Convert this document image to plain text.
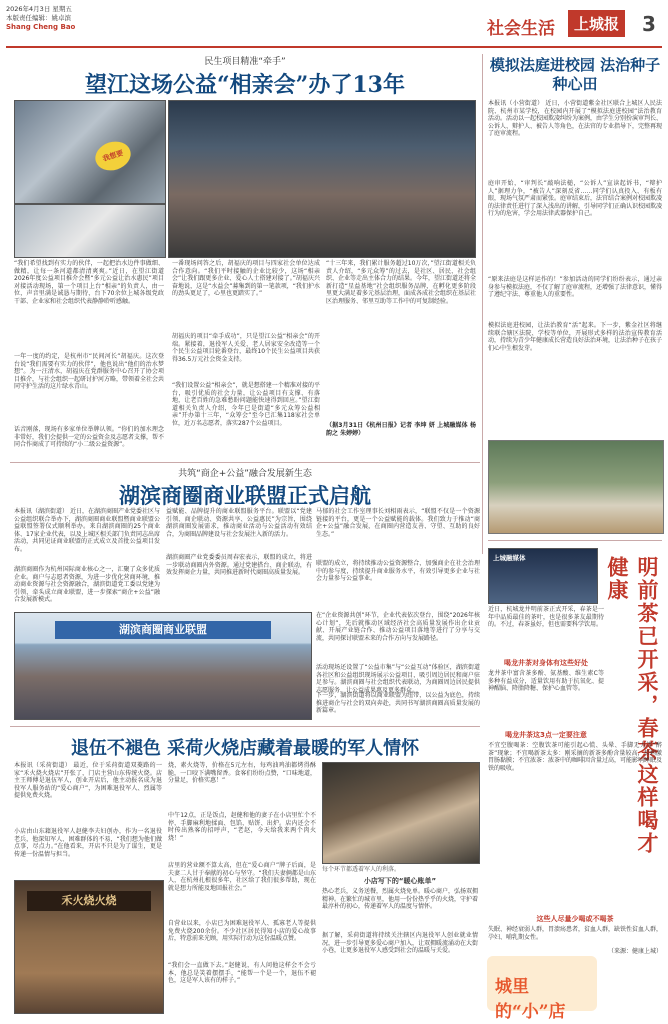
2026年4月3日 星期五
本版责任编辑：姚卓滨
Shang Cheng Bao	社会生活	上城报	3
民生项目精准“牵手”
望江这场公益“相亲会”办了13年
我想要
“我们希望找到有实力的伙伴，一起把治水边件事做细、做精，让每一条河道都清清爽爽。”近日，在望江街道2026年度公益项目推介会暨“多元公益让治水惠民”项目对接活动现场，第一个项目上台“相亲”的负责人，由一位，声音里满是诚恳与期待，台下70余位上城各级党政干部、企业家和社会组织代表静静聆听感触。
一年一度的约定，是杭州市“民间河长”胡福庆。这次登台说“我们需要有实力的伙伴”，他也说出“他们的治水梦想”。为一汪清水，胡福庆在党群服务中心召开了协会项目推介，与社会组织一起研讨护河方略，带领着全社会共同守护生活的这片绿水青山。
话音刚落，现场有多家单位举牌认领。“你们的加水理念非常好，我们会提供一定的公益资金及志愿者支撑，帮不同合作商成了可持续的“小二级公益资源”。
一番现场问答之后，胡福庆的项目与四家社会单位达成合作意向。“我们平时接触的企业比较少，这场“相亲会”让我们跟更多企业、爱心人士搭建对接了。”胡福庆兴奋地说，这是“水益会”募集到的第一笔款项，“我们护水的劲头更足了，心里也更踏实了。”
胡福庆的项目“牵手成功”，只是望江公益“相亲会”的开端。紧接着，退役军人关爱、老人居家安全改造等一个个民生公益项目轮番登台，最终10个民生公益项目共获得36.5万元社会资金支持。
“我们设置公益“相亲会”，就是想搭建一个精准对接的平台，吸引优质的社会力量，让公益项目有支撑、有落地，让老百姓的急难愁盼问题能快速得到回应。”望江街道相关负责人介绍，今年已是街道“多元众筹公益相亲”开办第十三年，“众筹会”至今已汇集118家社会单位，近万名志愿者，落实287个公益项目。
“十三年来，我们累计服务超过10万次，”望江街道相关负责人介绍，“多元众筹”的过去，是社区、居民、社会组织、企业等走出主体合力的结果。今年，望江街道还将全新打造“星益基地”社会组织服务品牌，在孵化更多阶段里更大满足着多元基层治理，面成各成社会组织在基层社区治理服务、邻里互助等工作中的可复制经验。
（据3月31日《杭州日报》记者 李坤 妍 上城融媒体 杨韵之 朱婷婷）
共筑“商企+公益”融合发展新生态
湖滨商圈商业联盟正式启航
本报讯（湖滨街道） 近日，在湖滨商圈产业党委社区与公益组织联合举办下，湖滨商圈商业联盟暨商业联盟公益联盟签署仪式顺利举办。来自湖滨商圈的25个商业体、17家企业代表，以及上城区相关部门负责同志出席活动，共同见证商业联盟的正式成立及首批公益项目发布。
湖滨商圈作为杭州国际商业核心之一，汇聚了众多优质企业。商户与志愿者资源，为进一步优化营商环境，推动商业资源与社会资源融合，湖滨街道党工委以党建为引领，牵头成立商业联盟，进一步探索“商企+公益”融合发展新模式。
益赋能、品牌提升的商业联盟服务平台。联盟以“党建引领、商企联动、资源共享、公益惠民”为宗旨，围绕湖滨商圈发展需求，推动商业活动与公益活动有效结合，为商圈品牌建设与社会发展注入新的活力。
湖滨商圈产业党委委员周春宏表示，联盟的成立，将进一步联动商圈内外资源。通过党建搭台、商企联动，有效发挥商企力量，共同推进新时代商圈高质量发展。
马郁的社会工作室理事长刘相雨表示，“联盟不仅是一个资源链接的平台，更是一个公益赋能的载体。我们致力于推动“商企+公益”融合发展，在商圈内营造友善、守望、互助的良好生态。”
联盟的成立，将持续推动公益资源整合，加强商企在社会治理中的参与度，持续提升商业服务水平，有效引导更多企业与社会力量参与公益事业。
湖滨商圈商业联盟
在“企业资源共创”环节，企业代表依次登台，围绕“2026年核心计划”，先后就推动区域经济社会高质量发展作出企业贡献、开展产业链合作、推动公益项目落地等进行了分享与交流，共同探讨联盟未来的合作方向与发展路径。
活动现场还设置了“公益市集”与“公益互动”体验区，湖滨街道各社区和公益组织现场展示公益项目，吸引周边居民和商户驻足参与。湖滨商圈与社会组织代表联动，为商圈周边居民提供志愿服务，让公益成果惠及更多群众。
下一步，湖滨街道将以商业联盟为纽带，以公益为底色，持续推进商企与社会的双向奔赴，共同书写湖滨商圈高质量发展的新篇章。
退伍不褪色 采荷火烧店藏着最暖的军人情怀
本报讯（采荷街道） 最近，位于采荷街道双菱路的一家“禾火烧火烧店”开张了，门店主营山东传统火烧。店主王师傅是退伍军人，创业开店后，他主动报名成为退役军人服务站的“爱心商户”，为困难退役军人、烈属等提供免费火烧。
小店由山东籍退役军人赵健李夫妇创办，作为一名退役老兵，他深知军人、困难群体的不易，“我们想为他们做点事，尽点力。”在他看来，开店不只是为了谋生，更是传递一份温情与担当。
禾火烧火烧
烧，素火烧等，价格在5元左右，每鸡油鸡油都烤得酥脆，一口咬下满嘴留香。食客们纷纷点赞，“口味地道，分量足，价格实惠！”
中午12点，正是饭点，赵健和他的妻子在小店里忙个不停，手脚麻利地揉面、包馅、贴饼、出炉。店内还会不时传出熟客的招呼声，“老赵，今天给我来两个肉火烧！”
店里的营业额不算太高，但在“爱心商户”牌子后面，是夫妻二人甘于奉献的初心与坚守。“我们夫妻俩都是山东人，在杭州扎根很多年，社区给了我们很多帮助，现在就是想力所能及地回报社会。”
自营业以来，小店已为困难退役军人、孤寡老人等提供免费火烧200余份。不少社区居民得知小店的爱心故事后，特意前来光顾，用实际行动为这份温暖点赞。
“我们会一直做下去。”赵健说，有人问他这样会不会亏本，他总是笑着摆摆手，“能帮一个是一个，退伍不褪色，这是军人该有的样子。”
每个环节都透着军人的利落。
小店写下的“暖心账单”
热心老兵，义务送餐，烈属火烧免单。暖心商户，弘扬双拥精神。在繁忙的城市里，他用一份份热乎乎的火烧，守护着最淳朴的初心，传递着军人的温度与情怀。
据了解，采荷街道将持续关注辖区内退役军人创业就业情况，进一步引导更多爱心商户加入，让双拥暖流涌动在大街小巷，让更多退役军人感受到社会的温暖与关爱。
模拟法庭进校园 法治种子种心田
本报讯（小营街道） 近日，小营街道紫金社区联合上城区人民法院、杭州市某学校，在校园内开展了“模拟法庭进校园”法治教育活动。活动以一起校园欺凌纠纷为案例，由学生分别扮演审判长、公诉人、辩护人、被告人等角色，在法官的专业指导下，完整再现了庭审流程。
庭审开始，“审判长”敲响法槌，“公诉人”宣读起诉书，“辩护人”据理力争，“被告人”深刻反省……同学们认真投入、有板有眼，现场气氛严肃而紧张。庭审结束后，法官结合案例对校园欺凌的法律责任进行了深入浅出的讲解，引导同学们正确认识校园欺凌行为的危害，学会用法律武器保护自己。
“原来法庭是这样运作的！”参加活动的同学们纷纷表示，通过亲身参与模拟法庭，不仅了解了庭审流程，还增强了法律意识，懂得了遵纪守法、尊重他人的重要性。
模拟法庭进校园，让法治教育“活”起来。下一步，紫金社区将继续联合辖区法院、学校等单位，开展形式多样的法治宣传教育活动，持续为青少年健康成长营造良好法治环境，让法治种子在孩子们心中生根发芽。
上城融媒体	明前茶已开采，春茶这样喝才健康
近日，杭城龙井明前茶正式开采，春茶是一年中品质最佳的茶叶，也是很多茶友最期待的。不过，春茶虽好，但也需要科学饮用。
喝龙井茶对身体有这些好处
龙井茶中富含茶多酚、氨基酸、维生素C等多种有益成分，适量饮用有助于抗氧化、提神醒脑、降脂降糖、保护心血管等。
喝龙井茶这3点一定要注意
不宜空腹喝茶：空腹饮茶可能引起心慌、头晕、手脚无力等“醉茶”现象；不宜喝新茶太多：刚采摘的新茶多酚含量较高，易刺激胃肠黏膜；不宜浓茶：浓茶中的咖啡因含量过高，可能影响睡眠及铁的吸收。
这些人尽量少喝或不喝茶
失眠、神经衰弱人群，胃溃疡患者，贫血人群，缺铁性贫血人群，孕妇、哺乳期女性。
（来源：健康上城）
城里的“小”店
